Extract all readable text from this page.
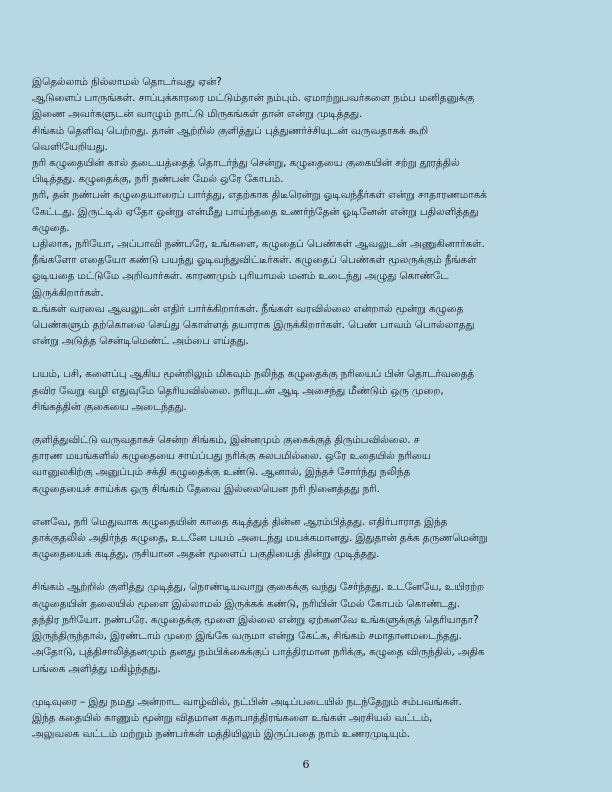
இதெல்லாம் நில்லாமல் தொடர்வது ஏன்?
ஆடுளைப் பாருங்கள். சாப்புக்காரரை மட்டும்தான் நம்பும். ஏமாற்றுபவர்களை நம்ப மனிதனுக்கு
இணை அவர்களுடன் வாழும் நாட்டு மிருகங்கள் தான் என்று முடித்தது.
சிங்கம் தெளிவு பெற்றது. தான் ஆற்றில் குளித்துப் புத்துணர்ச்சியுடன் வருவதாகக் கூறி
வெளியேறியது.
நரி கழுதையின் கால் தடையத்தைத் தொடர்ந்து சென்று, கழுதையை குகையின் சற்று தூரத்தில்
பிடித்தது. கழுதைக்கு, நரி நண்பன் மேல் ஒரே கோபம்.
நரி, தன் நண்பன் கழுதையாரைப் பார்த்து, எதற்காக திடீரென்று ஓடிவந்தீர்கள் என்று சாதாரணமாகக்
கேட்டது. இருட்டில் ஏதோ ஒன்று என்மீது பாய்ந்ததை உணர்ந்தேன் ஓடினேன் என்று பதிலளித்தது
கழுதை.
பதிலாக, நரியோ, அப்பாவி நண்பரே, உங்களை, கழுதைப் பெண்கள் ஆவலுடன் அணுகினார்கள்.
நீங்களோ எதையோ கண்டு பயந்து ஓடிவந்துவிட்டீர்கள். கழுதைப் பெண்கள் மூலருக்கும் நீங்கள்
ஓடியதை மட்டுமே அறிவார்கள். காரணமும் புரியாமல் மனம் உடைந்து அழுது கொண்டே
இருக்கிறார்கள்.
உங்கள் வரவை ஆவலுடன் எதிர் பார்க்கிறார்கள். நீங்கள் வரவில்லை என்றால் மூன்று கழுதை
பெண்களும் தற்கொலை செய்து கொள்ளத் தயாராக இருக்கிறார்கள். பெண் பாவம் பொல்லாதது
என்று அடுத்த சென்டிமெண்ட் அம்பை எய்தது.

பயம், பசி, களைப்பு ஆகிய மூன்றிலும் மிகவும் நலிந்த கழுதைக்கு நரியைப் பின் தொடர்வதைத்
தவிர வேறு வழி எதுவுமே தெரியவில்லை. நரியுடன் ஆடி அசைந்து மீண்டும் ஒரு முறை,
சிங்கத்தின் குகையை அடைந்தது.

குளித்துவிட்டு வருவதாகச் சென்ற சிங்கம், இன்னமும் குகைக்குத் திரும்பவில்லை. ச
தாரண மயங்களில் கழுதையை சாய்ப்பது நரிக்கு சுலபமில்லை. ஒரே உதையில் நரியை
வானுலகிற்கு அனுப்பும் சக்தி கழுதைக்கு உண்டு. ஆனால், இந்தச் சோர்ந்து நலிந்த
கழுதையைச் சாய்க்க ஒரு சிங்கம் தேவை இல்லையென நரி நினைத்தது நரி.

எனவே, நரி மெதுவாக கழுதையின் காதை கடித்துத் தின்ன ஆரம்பித்தது. எதிர்பாராத இந்த
தாக்குதலில் அதிர்ந்த கழுதை, உடனே பயம் அடைந்து மயக்கமானது. இதுதான் தக்க தருணமென்று
கழுதையைக் கடித்து, ருசியான அதன் மூளைப் பகுதியைத் தின்று முடித்தது.

சிங்கம் ஆற்றில் குளித்து முடித்து, நொண்டியவாறு குகைக்கு வந்து சேர்ந்தது. உடனேயே, உயிரற்ற
கழுதையின் தலையில் மூளை இல்லாமல் இருக்கக் கண்டு, நரியின் மேல் கோபம் கொண்டது.
தந்திர நரியோ. நண்பரே. கழுதைக்கு மூளை இல்லை என்று ஏற்கனவே உங்களுக்குத் தெரியாதா?
இருந்திருந்தால், இரண்டாம் முறை இங்கே வருமா என்று கேட்க, சிங்கம் சமாதானமடைந்தது.
அதோடு, புத்திசாலித்தனமும் தனது நம்பிக்கைக்குப் பாத்திரமான நரிக்கு, கழுதை விருந்தில், அதிக
பங்கை அளித்து மகிழ்ந்தது.

முடிவுரை – இது நமது அன்றாட வாழ்வில், நட்பின் அடிப்படையில் நடந்தேறும் சம்பவங்கள்.
இந்த கதையில் காணும் மூன்று விதமான கதாபாத்திரங்களை உங்கள் அரசியல் வட்டம்,
அலுவலக வட்டம் மற்றும் நண்பர்கள் மத்தியிலும் இருப்பதை நாம் உணரமுடியும்.

6
